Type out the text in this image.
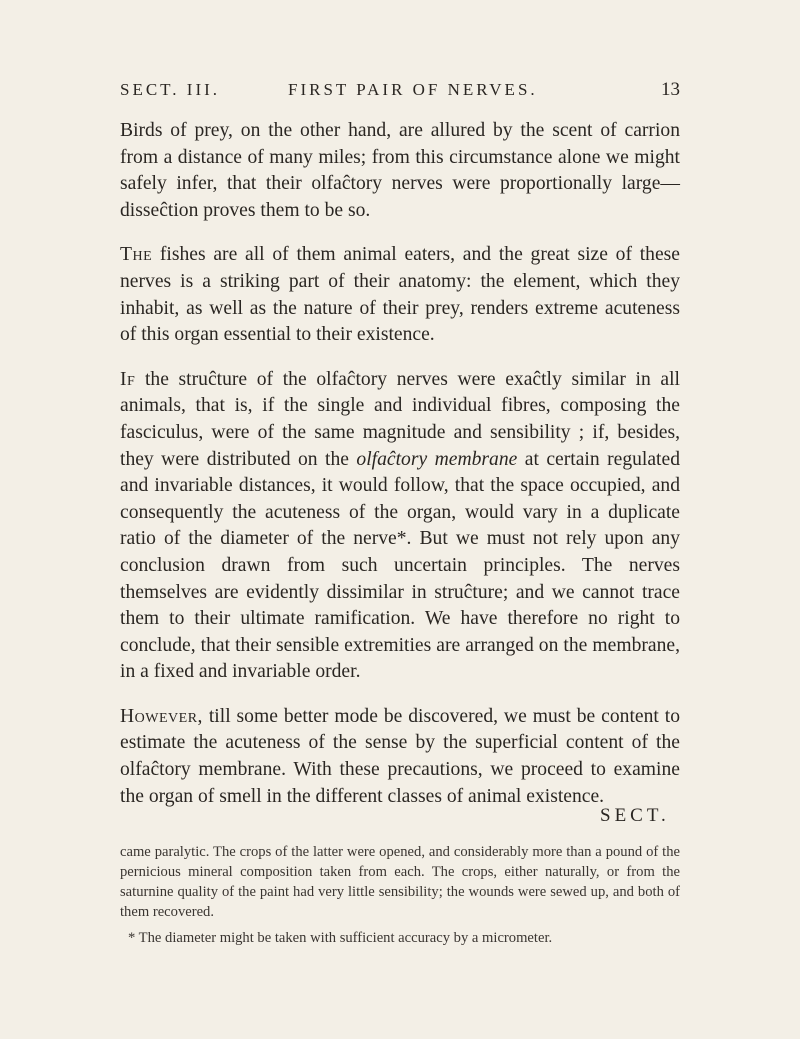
SECT. III.	FIRST PAIR OF NERVES.	13

Birds of prey, on the other hand, are allured by the scent of carrion from a distance of many miles; from this circumstance alone we might safely infer, that their olfaĉtory nerves were proportionally large—disseĉtion proves them to be so.

The fishes are all of them animal eaters, and the great size of these nerves is a striking part of their anatomy: the element, which they inhabit, as well as the nature of their prey, renders extreme acuteness of this organ essential to their existence.

If the struĉture of the olfaĉtory nerves were exaĉtly similar in all animals, that is, if the single and individual fibres, composing the fasciculus, were of the same magnitude and sensibility ; if, besides, they were distributed on the olfaĉtory membrane at certain regulated and invariable distances, it would follow, that the space occupied, and consequently the acuteness of the organ, would vary in a duplicate ratio of the diameter of the nerve*. But we must not rely upon any conclusion drawn from such uncertain principles. The nerves themselves are evidently dissimilar in struĉture; and we cannot trace them to their ultimate ramification. We have therefore no right to conclude, that their sensible extremities are arranged on the membrane, in a fixed and invariable order.

However, till some better mode be discovered, we must be content to estimate the acuteness of the sense by the superficial content of the olfaĉtory membrane. With these precautions, we proceed to examine the organ of smell in the different classes of animal existence.

SECT.

came paralytic. The crops of the latter were opened, and considerably more than a pound of the pernicious mineral composition taken from each. The crops, either naturally, or from the saturnine quality of the paint had very little sensibility; the wounds were sewed up, and both of them recovered.

* The diameter might be taken with sufficient accuracy by a micrometer.
